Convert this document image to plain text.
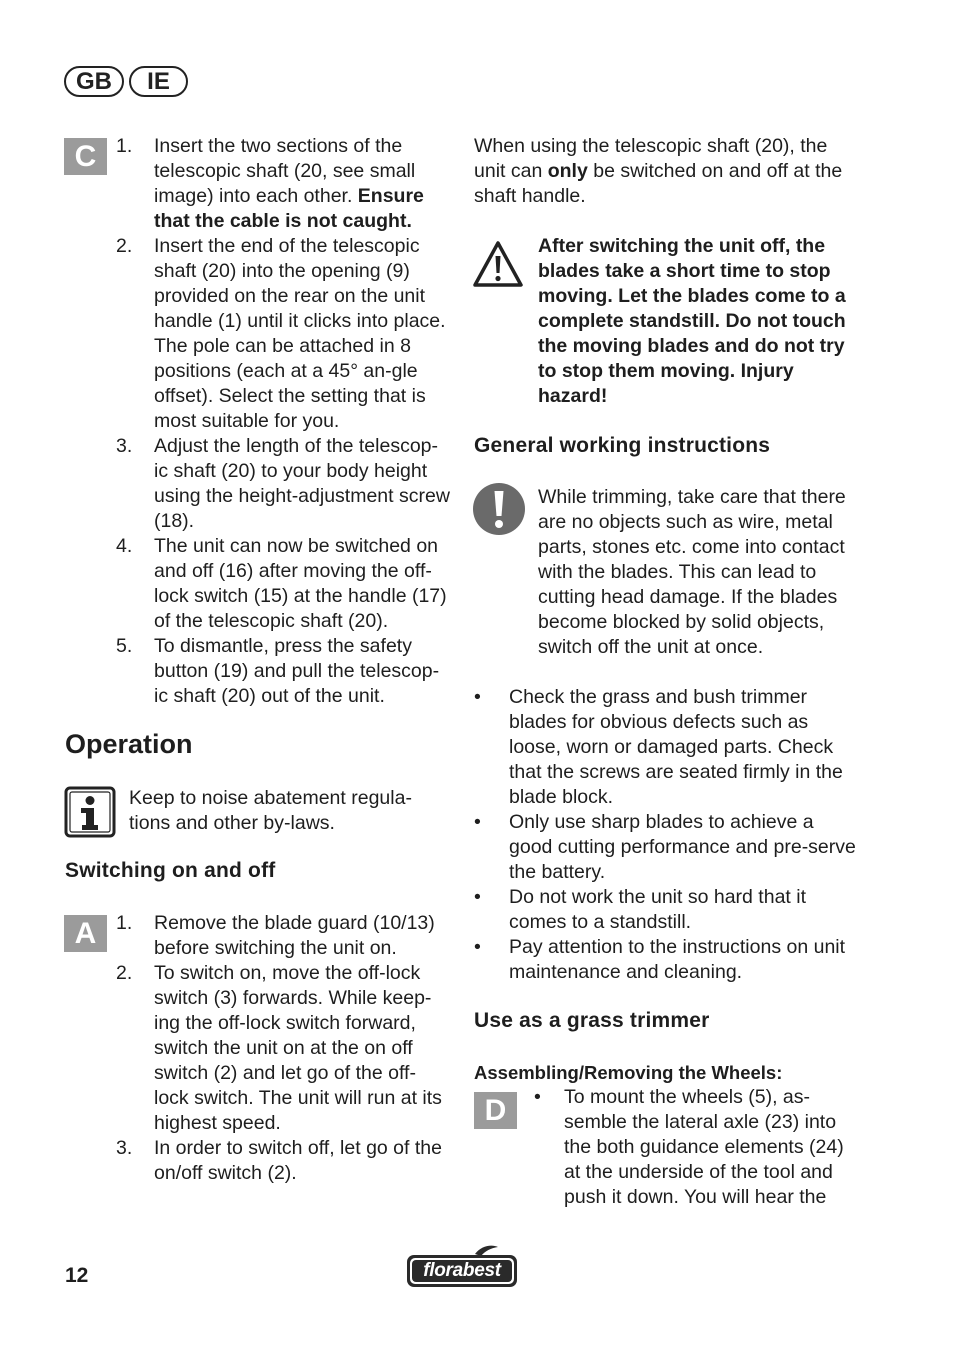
GB	IE
C	1. Insert the two sections of the telescopic shaft (20, see small image) into each other. Ensure that the cable is not caught.
2. Insert the end of the telescopic shaft (20) into the opening (9) provided on the rear on the unit handle (1) until it clicks into place. The pole can be attached in 8 positions (each at a 45° an-gle offset). Select the setting that is most suitable for you.
3. Adjust the length of the telescop-ic shaft (20) to your body height using the height-adjustment screw (18).
4. The unit can now be switched on and off (16) after moving the off-lock switch (15) at the handle (17) of the telescopic shaft (20).
5. To dismantle, press the safety button (19) and pull the telescop-ic shaft (20) out of the unit.
Operation
Keep to noise abatement regula-tions and other by-laws.
Switching on and off
A	1. Remove the blade guard (10/13) before switching the unit on.
2. To switch on, move the off-lock switch (3) forwards. While keep-ing the off-lock switch forward, switch the unit on at the on off switch (2) and let go of the off-lock switch. The unit will run at its highest speed.
3. In order to switch off, let go of the on/off switch (2).
When using the telescopic shaft (20), the unit can only be switched on and off at the shaft handle.
After switching the unit off, the blades take a short time to stop moving. Let the blades come to a complete standstill. Do not touch the moving blades and do not try to stop them moving. Injury hazard!
General working instructions
While trimming, take care that there are no objects such as wire, metal parts, stones etc. come into contact with the blades. This can lead to cutting head damage. If the blades become blocked by solid objects, switch off the unit at once.
• Check the grass and bush trimmer blades for obvious defects such as loose, worn or damaged parts. Check that the screws are seated firmly in the blade block.
• Only use sharp blades to achieve a good cutting performance and pre-serve the battery.
• Do not work the unit so hard that it comes to a standstill.
• Pay attention to the instructions on unit maintenance and cleaning.
Use as a grass trimmer
Assembling/Removing the Wheels:
D	• To mount the wheels (5), as-semble the lateral axle (23) into the both guidance elements (24) at the underside of the tool and push it down. You will hear the
12	florabest
